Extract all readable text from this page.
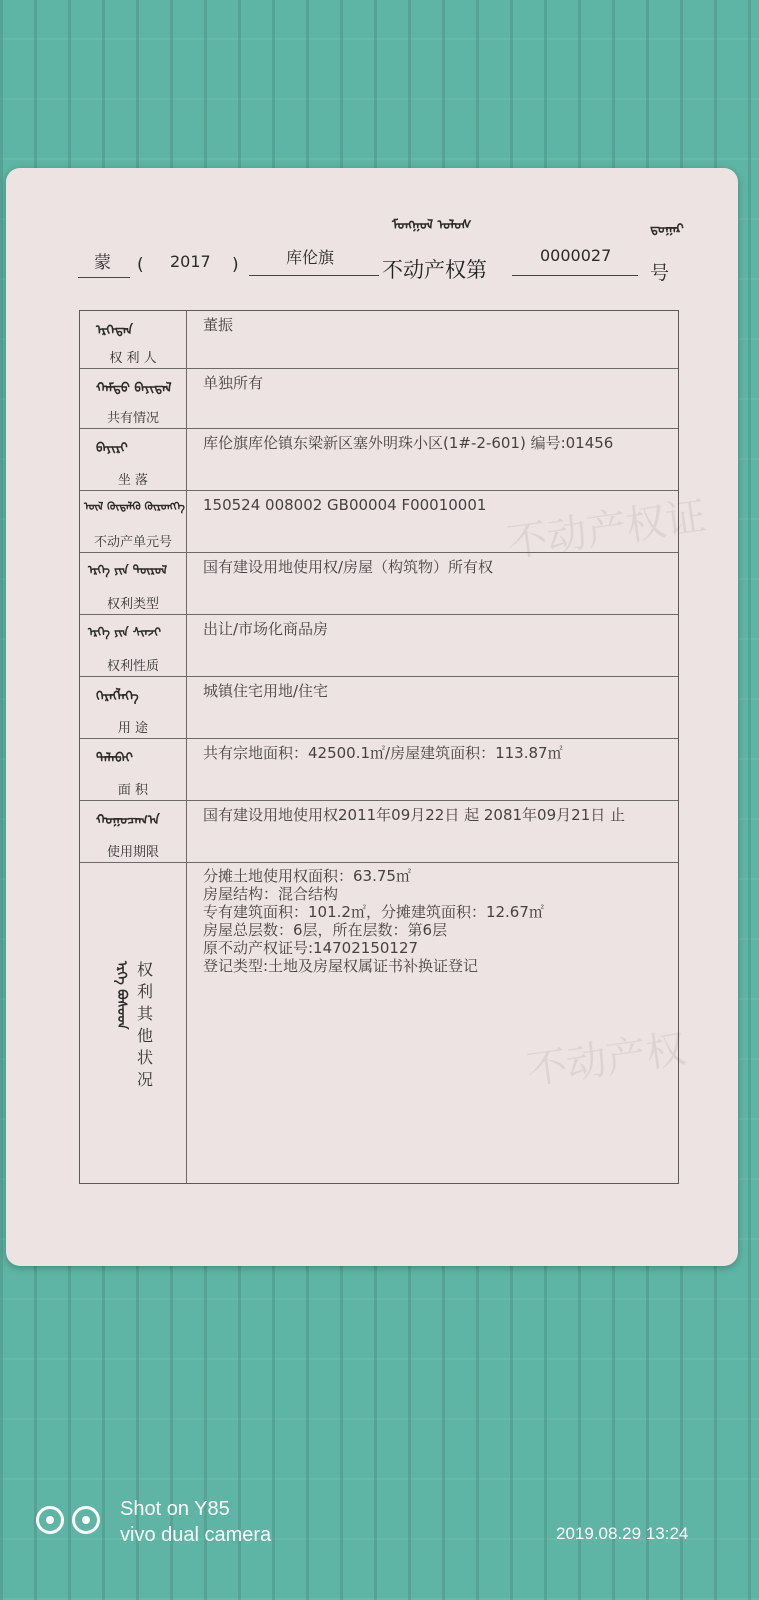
不动产权证
不动产权
ᠮᠣᠩᠭᠤᠯ ᠤᠯᠤᠰ
蒙 ( 2017 )	库伦旗
不动产权第
0000027
ᠳ᠋ᠤᠭᠠᠷ
号
ᠡᠷᠬᠡᠲᠡᠨ
权 利 人
董振
ᠬᠠᠮᠲᠤ ᠪᠠᠶᠢᠳᠠᠯ
共有情况
单独所有
ᠪᠠᠶᠢᠷᠢ
坐 落
库伦旗库伦镇东梁新区塞外明珠小区(1#-2-601) 编号:01456
ᠦᠯ ᠬᠥᠳᠡᠯᠬᠦ ᠬᠥᠷᠥᠩᠭᠡ
不动产单元号
150524 008002 GB00004 F00010001
ᠡᠷᠬᠡ ᠶᠢᠨ ᠲᠥᠷᠥᠯ
权利类型
国有建设用地使用权/房屋（构筑物）所有权
ᠡᠷᠬᠡ ᠶᠢᠨ ᠱᠢᠨᠵᠢ
权利性质
出让/市场化商品房
ᠬᠡᠷᠡᠭᠯᠡᠭᠡ
用 途
城镇住宅用地/住宅
ᠲᠠᠯᠠᠪᠠᠢ
面 积
共有宗地面积：42500.1㎡/房屋建筑面积：113.87㎡
ᠬᠤᠭᠤᠴᠠᠭ᠎ᠠ
使用期限
国有建设用地使用权2011年09月22日 起 2081年09月21日 止
ᠡᠷᠬᠡ ᠪᠤᠰᠤᠳ 权利其他状况
分摊土地使用权面积：63.75㎡
房屋结构：混合结构
专有建筑面积：101.2㎡，分摊建筑面积：12.67㎡
房屋总层数：6层，所在层数：第6层
原不动产权证号:14702150127
登记类型:土地及房屋权属证书补换证登记

Shot on Y85
vivo dual camera	2019.08.29 13:24
